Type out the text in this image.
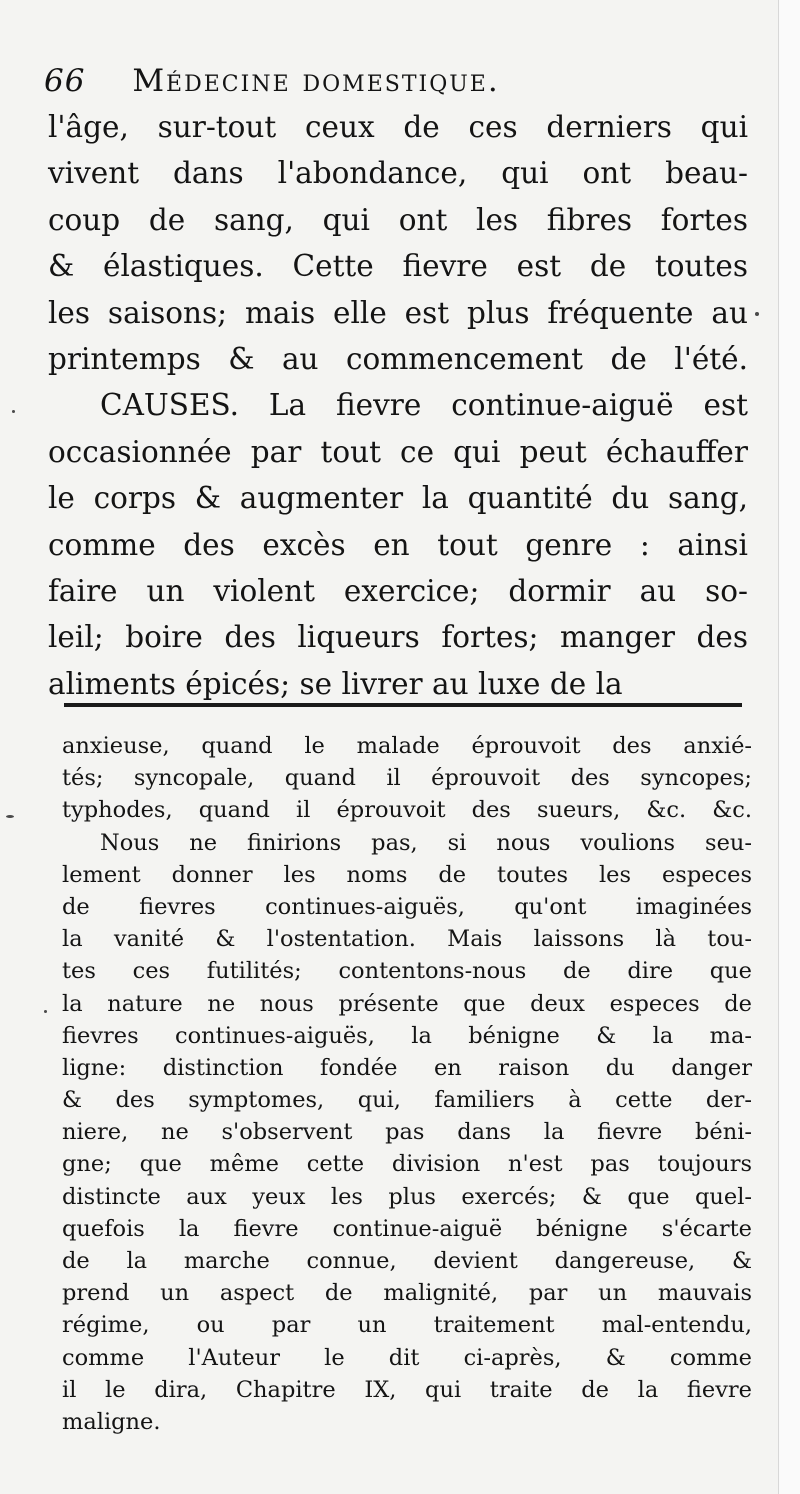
66 Médecine domestique.
l'âge, sur-tout ceux de ces derniers qui
vivent dans l'abondance, qui ont beau-
coup de sang, qui ont les fibres fortes
& élastiques. Cette fievre est de toutes
les saisons; mais elle est plus fréquente au
printemps & au commencement de l'été.
CAUSES. La fievre continue-aiguë est
occasionnée par tout ce qui peut échauffer
le corps & augmenter la quantité du sang,
comme des excès en tout genre : ainsi
faire un violent exercice; dormir au so-
leil; boire des liqueurs fortes; manger des
aliments épicés; se livrer au luxe de la
anxieuse, quand le malade éprouvoit des anxié-
tés; syncopale, quand il éprouvoit des syncopes;
typhodes, quand il éprouvoit des sueurs, &c. &c.
Nous ne finirions pas, si nous voulions seu-
lement donner les noms de toutes les especes
de fievres continues-aiguës, qu'ont imaginées
la vanité & l'ostentation. Mais laissons là tou-
tes ces futilités; contentons-nous de dire que
la nature ne nous présente que deux especes de
fievres continues-aiguës, la bénigne & la ma-
ligne: distinction fondée en raison du danger
& des symptomes, qui, familiers à cette der-
niere, ne s'observent pas dans la fievre béni-
gne; que même cette division n'est pas toujours
distincte aux yeux les plus exercés; & que quel-
quefois la fievre continue-aiguë bénigne s'écarte
de la marche connue, devient dangereuse, &
prend un aspect de malignité, par un mauvais
régime, ou par un traitement mal-entendu,
comme l'Auteur le dit ci-après, & comme
il le dira, Chapitre IX, qui traite de la fievre
maligne.
